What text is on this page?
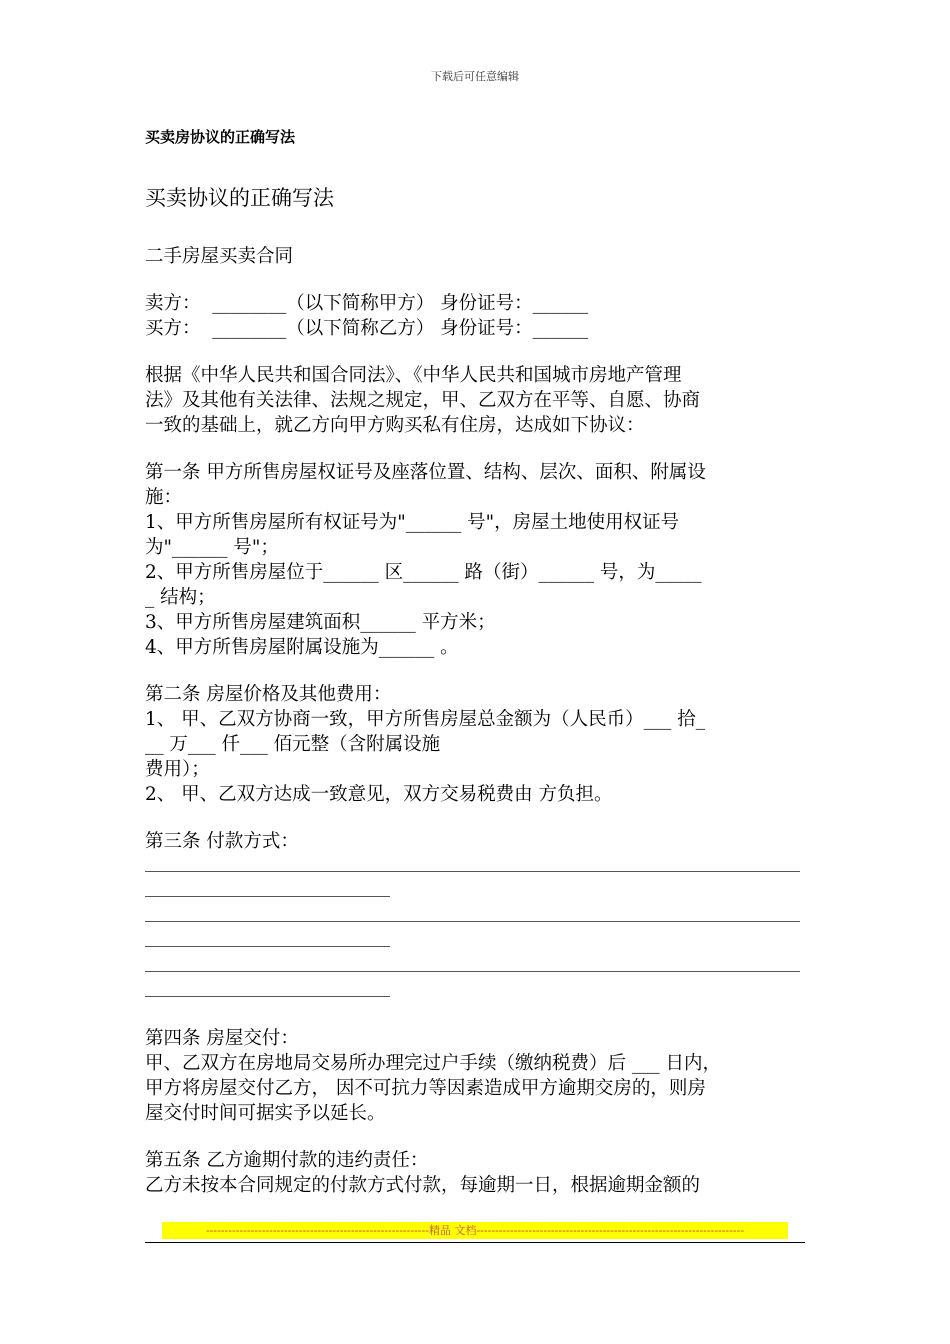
下载后可任意编辑
买卖房协议的正确写法
买卖协议的正确写法
二手房屋买卖合同
卖方：  ________（以下简称甲方） 身份证号：______
买方：  ________（以下简称乙方） 身份证号：______
根据《中华人民共和国合同法》、《中华人民共和国城市房地产管理
法》及其他有关法律、法规之规定，甲、乙双方在平等、自愿、协商
一致的基础上，就乙方向甲方购买私有住房，达成如下协议：
第一条 甲方所售房屋权证号及座落位置、结构、层次、面积、附属设
施：
1、甲方所售房屋所有权证号为"______ 号"，房屋土地使用权证号
为"______ 号"；
2、甲方所售房屋位于______ 区______ 路（街）______ 号，为_____
_ 结构；
3、甲方所售房屋建筑面积______ 平方米；
4、甲方所售房屋附属设施为______ 。
第二条 房屋价格及其他费用：
1、 甲、乙双方协商一致，甲方所售房屋总金额为（人民币）___ 拾_
__ 万___ 仟___ 佰元整（含附属设施
费用）；
2、 甲、乙双方达成一致意见，双方交易税费由 方负担。
第三条 付款方式：
第四条 房屋交付：
甲、乙双方在房地局交易所办理完过户手续（缴纳税费）后 ___ 日内，
甲方将房屋交付乙方， 因不可抗力等因素造成甲方逾期交房的，则房
屋交付时间可据实予以延长。
第五条 乙方逾期付款的违约责任：
乙方未按本合同规定的付款方式付款，每逾期一日，根据逾期金额的
------------------------------------------------------------精品 文档------------------------------------------------------------------------
